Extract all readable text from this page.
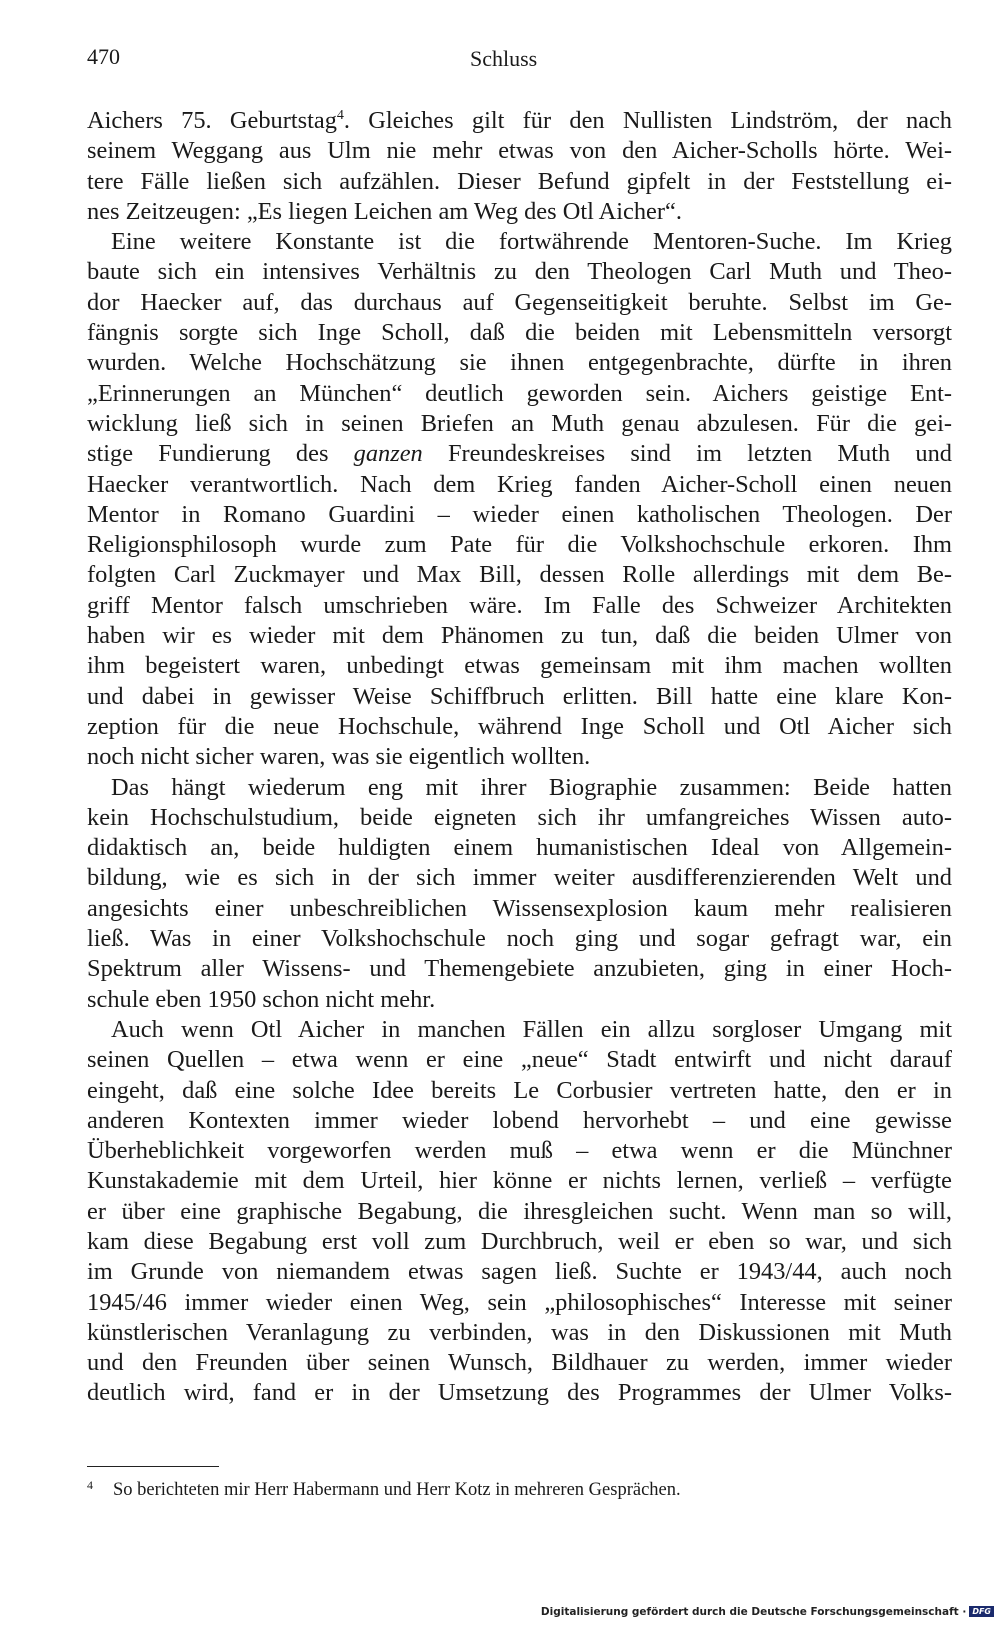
470	Schluss
Aichers 75. Geburtstag$^4$. Gleiches gilt für den Nullisten Lindström, der nach
seinem Weggang aus Ulm nie mehr etwas von den Aicher-Scholls hörte. Wei-
tere Fälle ließen sich aufzählen. Dieser Befund gipfelt in der Feststellung ei-
nes Zeitzeugen: „Es liegen Leichen am Weg des Otl Aicher“.
Eine weitere Konstante ist die fortwährende Mentoren-Suche. Im Krieg
baute sich ein intensives Verhältnis zu den Theologen Carl Muth und Theo-
dor Haecker auf, das durchaus auf Gegenseitigkeit beruhte. Selbst im Ge-
fängnis sorgte sich Inge Scholl, daß die beiden mit Lebensmitteln versorgt
wurden. Welche Hochschätzung sie ihnen entgegenbrachte, dürfte in ihren
„Erinnerungen an München“ deutlich geworden sein. Aichers geistige Ent-
wicklung ließ sich in seinen Briefen an Muth genau abzulesen. Für die gei-
stige Fundierung des ganzen Freundeskreises sind im letzten Muth und
Haecker verantwortlich. Nach dem Krieg fanden Aicher-Scholl einen neuen
Mentor in Romano Guardini – wieder einen katholischen Theologen. Der
Religionsphilosoph wurde zum Pate für die Volkshochschule erkoren. Ihm
folgten Carl Zuckmayer und Max Bill, dessen Rolle allerdings mit dem Be-
griff Mentor falsch umschrieben wäre. Im Falle des Schweizer Architekten
haben wir es wieder mit dem Phänomen zu tun, daß die beiden Ulmer von
ihm begeistert waren, unbedingt etwas gemeinsam mit ihm machen wollten
und dabei in gewisser Weise Schiffbruch erlitten. Bill hatte eine klare Kon-
zeption für die neue Hochschule, während Inge Scholl und Otl Aicher sich
noch nicht sicher waren, was sie eigentlich wollten.
Das hängt wiederum eng mit ihrer Biographie zusammen: Beide hatten
kein Hochschulstudium, beide eigneten sich ihr umfangreiches Wissen auto-
didaktisch an, beide huldigten einem humanistischen Ideal von Allgemein-
bildung, wie es sich in der sich immer weiter ausdifferenzierenden Welt und
angesichts einer unbeschreiblichen Wissensexplosion kaum mehr realisieren
ließ. Was in einer Volkshochschule noch ging und sogar gefragt war, ein
Spektrum aller Wissens- und Themengebiete anzubieten, ging in einer Hoch-
schule eben 1950 schon nicht mehr.
Auch wenn Otl Aicher in manchen Fällen ein allzu sorgloser Umgang mit
seinen Quellen – etwa wenn er eine „neue“ Stadt entwirft und nicht darauf
eingeht, daß eine solche Idee bereits Le Corbusier vertreten hatte, den er in
anderen Kontexten immer wieder lobend hervorhebt – und eine gewisse
Überheblichkeit vorgeworfen werden muß – etwa wenn er die Münchner
Kunstakademie mit dem Urteil, hier könne er nichts lernen, verließ – verfügte
er über eine graphische Begabung, die ihresgleichen sucht. Wenn man so will,
kam diese Begabung erst voll zum Durchbruch, weil er eben so war, und sich
im Grunde von niemandem etwas sagen ließ. Suchte er 1943/44, auch noch
1945/46 immer wieder einen Weg, sein „philosophisches“ Interesse mit seiner
künstlerischen Veranlagung zu verbinden, was in den Diskussionen mit Muth
und den Freunden über seinen Wunsch, Bildhauer zu werden, immer wieder
deutlich wird, fand er in der Umsetzung des Programmes der Ulmer Volks-
$^4$ So berichteten mir Herr Habermann und Herr Kotz in mehreren Gesprächen.
Digitalisierung gefördert durch die Deutsche Forschungsgemeinschaft · DFG
